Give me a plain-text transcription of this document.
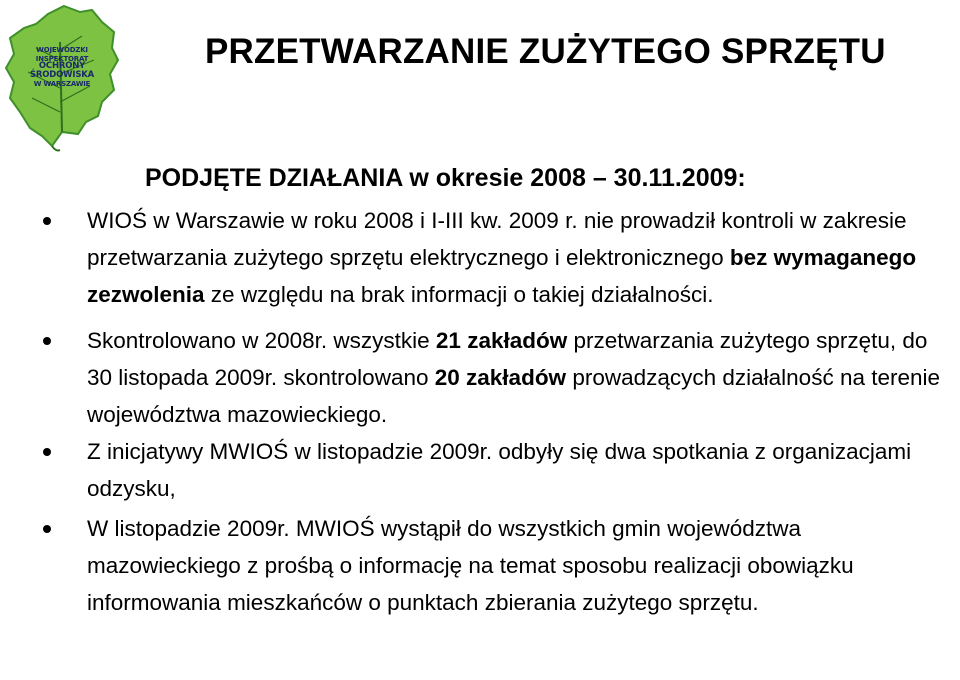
WOJEWÓDZKI INSPEKTORAT
OCHRONY ŚRODOWISKA
W WARSZAWIE
PRZETWARZANIE ZUŻYTEGO SPRZĘTU
PODJĘTE DZIAŁANIA w okresie 2008 – 30.11.2009:
WIOŚ w Warszawie w roku 2008 i I-III kw. 2009 r. nie prowadził kontroli w zakresie przetwarzania zużytego sprzętu elektrycznego i elektronicznego bez wymaganego zezwolenia ze względu na brak informacji o takiej działalności.
Skontrolowano w 2008r. wszystkie 21 zakładów przetwarzania zużytego sprzętu, do 30 listopada 2009r. skontrolowano 20 zakładów prowadzących działalność na terenie województwa mazowieckiego.
Z inicjatywy MWIOŚ w listopadzie 2009r. odbyły się dwa spotkania z organizacjami odzysku,
W listopadzie 2009r. MWIOŚ wystąpił do wszystkich gmin województwa mazowieckiego z prośbą o informację na temat sposobu realizacji obowiązku informowania mieszkańców o punktach zbierania zużytego sprzętu.
